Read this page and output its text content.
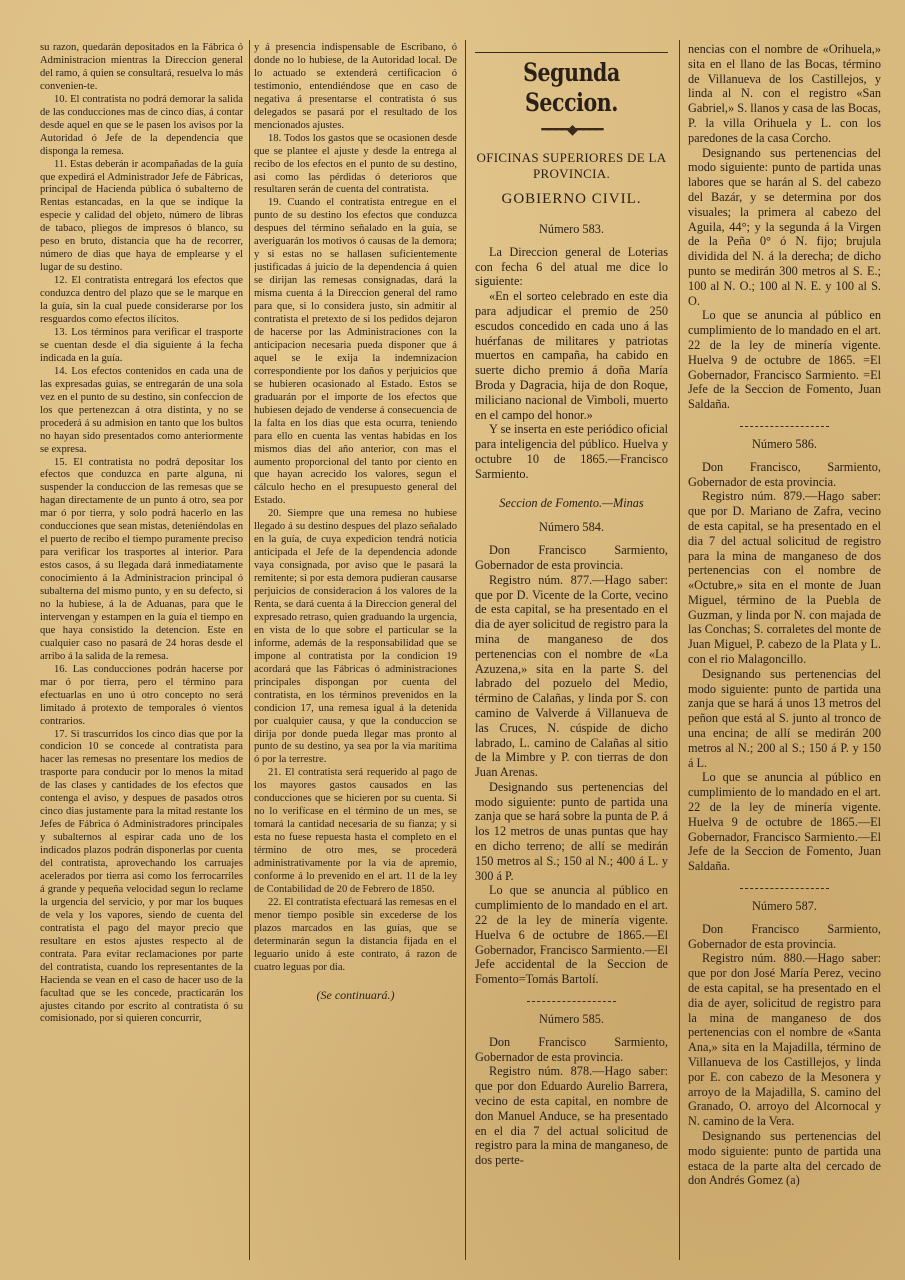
su razon, quedarán depositados en la Fábrica ó Administracion mientras la Direccion general del ramo, á quien se consultará, resuelva lo más convenien-te.

10. El contratista no podrá demorar la salida de las conducciones mas de cinco dias, á contar desde aquel en que se le pasen los avisos por la Autoridad ó Jefe de la dependencia que disponga la remesa.

11. Estas deberán ir acompañadas de la guía que expedirá el Administrador Jefe de Fábricas, principal de Hacienda pública ó subalterno de Rentas estancadas, en la que se indique la especie y calidad del objeto, número de libras de tabaco, pliegos de impresos ó blanco, su peso en bruto, distancia que ha de recorrer, número de dias que haya de emplearse y el lugar de su destino.

12. El contratista entregará los efectos que conduzca dentro del plazo que se le marque en la guía, sin la cual puede considerarse por los resguardos como efectos ilícitos.

13. Los términos para verificar el trasporte se cuentan desde el dia siguiente á la fecha indicada en la guía.

14. Los efectos contenidos en cada una de las expresadas guias, se entregarán de una sola vez en el punto de su destino, sin confeccion de los que pertenezcan á otra distinta, y no se procederá á su admision en tanto que los bultos no hayan sido presentados como anteriormente se expresa.

15. El contratista no podrá depositar los efectos que conduzca en parte alguna, ni suspender la conduccion de las remesas que se hagan directamente de un punto á otro, sea por mar ó por tierra, y solo podrá hacerlo en las conducciones que sean mistas, deteniéndolas en el puerto de recibo el tiempo puramente preciso para verificar los trasportes al interior. Para estos casos, á su llegada dará inmediatamente conocimiento á la Administracion principal ó subalterna del mismo punto, y en su defecto, si no la hubiese, á la de Aduanas, para que le intervengan y estampen en la guía el tiempo en que haya consistido la detencion. Este en cualquier caso no pasará de 24 horas desde el arribo á la salida de la remesa.

16. Las conducciones podrán hacerse por mar ó por tierra, pero el término para efectuarlas en uno ú otro concepto no será limitado á protexto de temporales ó vientos contrarios.

17. Si trascurridos los cinco dias que por la condicion 10 se concede al contratista para hacer las remesas no presentare los medios de trasporte para conducir por lo menos la mitad de las clases y cantidades de los efectos que contenga el aviso, y despues de pasados otros cinco dias justamente para la mitad restante los Jefes de Fábrica ó Administradores principales y subalternos al espirar cada uno de los indicados plazos podrán disponerlas por cuenta del contratista, aprovechando los carruajes acelerados por tierra asi como los ferrocarriles á grande y pequeña velocidad segun lo reclame la urgencia del servicio, y por mar los buques de vela y los vapores, siendo de cuenta del contratista el pago del mayor precio que resultare en estos ajustes respecto al de contrata. Para evitar reclamaciones por parte del contratista, cuando los representantes de la Hacienda se vean en el caso de hacer uso de la facultad que se les concede, practicarán los ajustes citando por escrito al contratista ó su comisionado, por si quieren concurrir,

y á presencia indispensable de Escribano, ó donde no lo hubiese, de la Autoridad local. De lo actuado se extenderá certificacion ó testimonio, entendiéndose que en caso de negativa á presentarse el contratista ó sus delegados se pasará por el resultado de los mencionados ajustes.

18. Todos los gastos que se ocasionen desde que se plantee el ajuste y desde la entrega al recibo de los efectos en el punto de su destino, asi como las pérdidas ó deterioros que resultaren serán de cuenta del contratista.

19. Cuando el contratista entregue en el punto de su destino los efectos que conduzca despues del término señalado en la guía, se averiguarán los motivos ó causas de la demora; y si estas no se hallasen suficientemente justificadas á juicio de la dependencia á quien se dirijan las remesas consignadas, dará la misma cuenta á la Direccion general del ramo para que, si lo considera justo, sin admitir al contratista el pretexto de si los pedidos dejaron de hacerse por las Administraciones con la anticipacion necesaria pueda disponer que á aquel se le exija la indemnizacion correspondiente por los daños y perjuicios que se hubieren ocasionado al Estado. Estos se graduarán por el importe de los efectos que hubiesen dejado de venderse á consecuencia de la falta en los dias que esta ocurra, teniendo para ello en cuenta las ventas habidas en los mismos dias del año anterior, con mas el aumento proporcional del tanto por ciento en que hayan acrecido los valores, segun el cálculo hecho en el presupuesto general del Estado.

20. Siempre que una remesa no hubiese llegado á su destino despues del plazo señalado en la guía, de cuya expedicion tendrá noticia anticipada el Jefe de la dependencia adonde vaya consignada, por aviso que le pasará la remitente; si por esta demora pudieran causarse perjuicios de consideracion á los valores de la Renta, se dará cuenta á la Direccion general del expresado retraso, quien graduando la urgencia, en vista de lo que sobre el particular se la informe, además de la responsabilidad que se impone al contratista por la condicion 19 acordará que las Fábricas ó administraciones principales dispongan por cuenta del contratista, en los términos prevenidos en la condicion 17, una remesa igual á la detenida por cualquier causa, y que la conduccion se dirija por donde pueda llegar mas pronto al punto de su destino, ya sea por la via marítima ó por la terrestre.

21. El contratista será requerido al pago de los mayores gastos causados en las conducciones que se hicieren por su cuenta. Si no lo verifícase en el término de un mes, se tomará la cantidad necesaria de su fianza; y si esta no fuese repuesta hasta el completo en el término de otro mes, se procederá administrativamente por la via de apremio, conforme á lo prevenido en el art. 11 de la ley de Contabilidad de 20 de Febrero de 1850.

22. El contratista efectuará las remesas en el menor tiempo posible sin excederse de los plazos marcados en las guías, que se determinarán segun la distancia fijada en el leguario unido á este contrato, á razon de cuatro leguas por dia.

(Se continuará.)
Segunda Seccion.
━━━━◆━━━━
OFICINAS SUPERIORES DE LA PROVINCIA.
GOBIERNO CIVIL.
Número 583.

La Direccion general de Loterias con fecha 6 del atual me dice lo siguiente:

«En el sorteo celebrado en este dia para adjudicar el premio de 250 escudos concedido en cada uno á las huérfanas de militares y patriotas muertos en campaña, ha cabido en suerte dicho premio á doña María Broda y Dagracia, hija de don Roque, miliciano nacional de Vimboli, muerto en el campo del honor.»

Y se inserta en este periódico oficial para inteligencia del público. Huelva y octubre 10 de 1865.—Francisco Sarmiento.

Seccion de Fomento.—Minas
Número 584.

Don Francisco Sarmiento, Gobernador de esta provincia.

Registro núm. 877.—Hago saber: que por D. Vicente de la Corte, vecino de esta capital, se ha presentado en el dia de ayer solicitud de registro para la mina de manganeso de dos pertenencias con el nombre de «La Azuzena,» sita en la parte S. del labrado del pozuelo del Medio, término de Calañas, y linda por S. con camino de Valverde á Villanueva de las Cruces, N. cúspide de dicho labrado, L. camino de Calañas al sitio de la Mimbre y P. con tierras de don Juan Arenas.

Designando sus pertenencias del modo siguiente: punto de partida una zanja que se hará sobre la punta de P. á los 12 metros de unas puntas que hay en dicho terreno; de allí se medirán 150 metros al S.; 150 al N.; 400 á L. y 300 á P.

Lo que se anuncia al público en cumplimiento de lo mandado en el art. 22 de la ley de minería vigente. Huelva 6 de octubre de 1865.—El Gobernador, Francisco Sarmiento.—El Jefe accidental de la Seccion de Fomento=Tomás Bartolí.

Número 585.

Don Francisco Sarmiento, Gobernador de esta provincia.

Registro núm. 878.—Hago saber: que por don Eduardo Aurelio Barrera, vecino de esta capital, en nombre de don Manuel Anduce, se ha presentado en el dia 7 del actual solicitud de registro para la mina de manganeso, de dos perte-

nencias con el nombre de «Orihuela,» sita en el llano de las Bocas, término de Villanueva de los Castillejos, y linda al N. con el registro «San Gabriel,» S. llanos y casa de las Bocas, P. la villa Orihuela y L. con los paredones de la casa Corcho.

Designando sus pertenencias del modo siguiente: punto de partida unas labores que se harán al S. del cabezo del Bazár, y se determina por dos visuales; la primera al cabezo del Aguila, 44°; y la segunda á la Virgen de la Peña 0° ó N. fijo; brujula dividida del N. á la derecha; de dicho punto se medirán 300 metros al S. E.; 100 al N. O.; 100 al N. E. y 100 al S. O.

Lo que se anuncia al público en cumplimiento de lo mandado en el art. 22 de la ley de minería vigente. Huelva 9 de octubre de 1865. =El Gobernador, Francisco Sarmiento. =El Jefe de la Seccion de Fomento, Juan Saldaña.

Número 586.

Don Francisco, Sarmiento, Gobernador de esta provincia.

Registro núm. 879.—Hago saber: que por D. Mariano de Zafra, vecino de esta capital, se ha presentado en el dia 7 del actual solicitud de registro para la mina de manganeso de dos pertenencias con el nombre de «Octubre,» sita en el monte de Juan Miguel, término de la Puebla de Guzman, y linda por N. con majada de las Conchas; S. corraletes del monte de Juan Miguel, P. cabezo de la Plata y L. con el rio Malagoncillo.

Designando sus pertenencias del modo siguiente: punto de partida una zanja que se hará á unos 13 metros del peñon que está al S. junto al tronco de una encina; de allí se medirán 200 metros al N.; 200 al S.; 150 á P. y 150 á L.

Lo que se anuncia al público en cumplimiento de lo mandado en el art. 22 de la ley de minería vigente. Huelva 9 de octubre de 1865.—El Gobernador, Francisco Sarmiento.—El Jefe de la Seccion de Fomento, Juan Saldaña.

Número 587.

Don Francisco Sarmiento, Gobernador de esta provincia.

Registro núm. 880.—Hago saber: que por don José María Perez, vecino de esta capital, se ha presentado en el dia de ayer, solicitud de registro para la mina de manganeso de dos pertenencias con el nombre de «Santa Ana,» sita en la Majadilla, término de Villanueva de los Castillejos, y linda por E. con cabezo de la Mesonera y arroyo de la Majadilla, S. camino del Granado, O. arroyo del Alcornocal y N. camino de la Vera.

Designando sus pertenencias del modo siguiente: punto de partida una estaca de la parte alta del cercado de don Andrés Gomez (a)
